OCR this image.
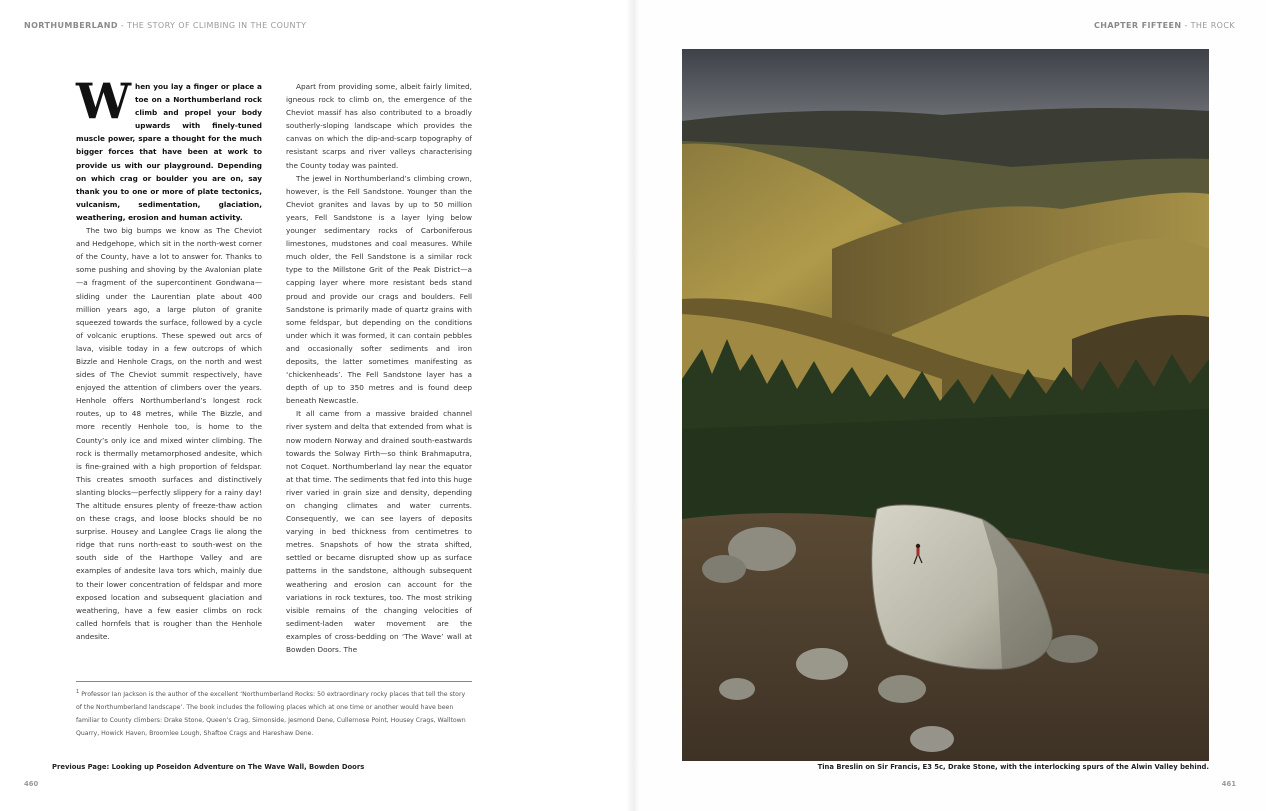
NORTHUMBERLAND - THE STORY OF CLIMBING IN THE COUNTY	CHAPTER FIFTEEN - THE ROCK

When you lay a finger or place a toe on a Northumberland rock climb and propel your body upwards with finely-tuned muscle power, spare a thought for the much bigger forces that have been at work to provide us with our playground. Depending on which crag or boulder you are on, say thank you to one or more of plate tectonics, vulcanism, sedimentation, glaciation, weathering, erosion and human activity.

The two big bumps we know as The Cheviot and Hedgehope, which sit in the north-west corner of the County, have a lot to answer for. Thanks to some pushing and shoving by the Avalonian plate—a fragment of the supercontinent Gondwana—sliding under the Laurentian plate about 400 million years ago, a large pluton of granite squeezed towards the surface, followed by a cycle of volcanic eruptions. These spewed out arcs of lava, visible today in a few outcrops of which Bizzle and Henhole Crags, on the north and west sides of The Cheviot summit respectively, have enjoyed the attention of climbers over the years. Henhole offers Northumberland’s longest rock routes, up to 48 metres, while The Bizzle, and more recently Henhole too, is home to the County’s only ice and mixed winter climbing. The rock is thermally metamorphosed andesite, which is fine-grained with a high proportion of feldspar. This creates smooth surfaces and distinctively slanting blocks—perfectly slippery for a rainy day! The altitude ensures plenty of freeze-thaw action on these crags, and loose blocks should be no surprise. Housey and Langlee Crags lie along the ridge that runs north-east to south-west on the south side of the Harthope Valley and are examples of andesite lava tors which, mainly due to their lower concentration of feldspar and more exposed location and subsequent glaciation and weathering, have a few easier climbs on rock called hornfels that is rougher than the Henhole andesite.

Apart from providing some, albeit fairly limited, igneous rock to climb on, the emergence of the Cheviot massif has also contributed to a broadly southerly-sloping landscape which provides the canvas on which the dip-and-scarp topography of resistant scarps and river valleys characterising the County today was painted.

The jewel in Northumberland’s climbing crown, however, is the Fell Sandstone. Younger than the Cheviot granites and lavas by up to 50 million years, Fell Sandstone is a layer lying below younger sedimentary rocks of Carboniferous limestones, mudstones and coal measures. While much older, the Fell Sandstone is a similar rock type to the Millstone Grit of the Peak District—a capping layer where more resistant beds stand proud and provide our crags and boulders. Fell Sandstone is primarily made of quartz grains with some feldspar, but depending on the conditions under which it was formed, it can contain pebbles and occasionally softer sediments and iron deposits, the latter sometimes manifesting as ‘chickenheads’. The Fell Sandstone layer has a depth of up to 350 metres and is found deep beneath Newcastle.

It all came from a massive braided channel river system and delta that extended from what is now modern Norway and drained south-eastwards towards the Solway Firth—so think Brahmaputra, not Coquet. Northumberland lay near the equator at that time. The sediments that fed into this huge river varied in grain size and density, depending on changing climates and water currents. Consequently, we can see layers of deposits varying in bed thickness from centimetres to metres. Snapshots of how the strata shifted, settled or became disrupted show up as surface patterns in the sandstone, although subsequent weathering and erosion can account for the variations in rock textures, too. The most striking visible remains of the changing velocities of sediment-laden water movement are the examples of cross-bedding on ‘The Wave’ wall at Bowden Doors. The

$^1$ Professor Ian Jackson is the author of the excellent ‘Northumberland Rocks: 50 extraordinary rocky places that tell the story of the Northumberland landscape’. The book includes the following places which at one time or another would have been familiar to County climbers: Drake Stone, Queen’s Crag, Simonside, Jesmond Dene, Cullernose Point, Housey Crags, Walltown Quarry, Howick Haven, Broomlee Lough, Shaftoe Crags and Hareshaw Dene.
Previous Page: Looking up Poseidon Adventure on The Wave Wall, Bowden Doors	Tina Breslin on Sir Francis, E3 5c, Drake Stone, with the interlocking spurs of the Alwin Valley behind.
460	461
